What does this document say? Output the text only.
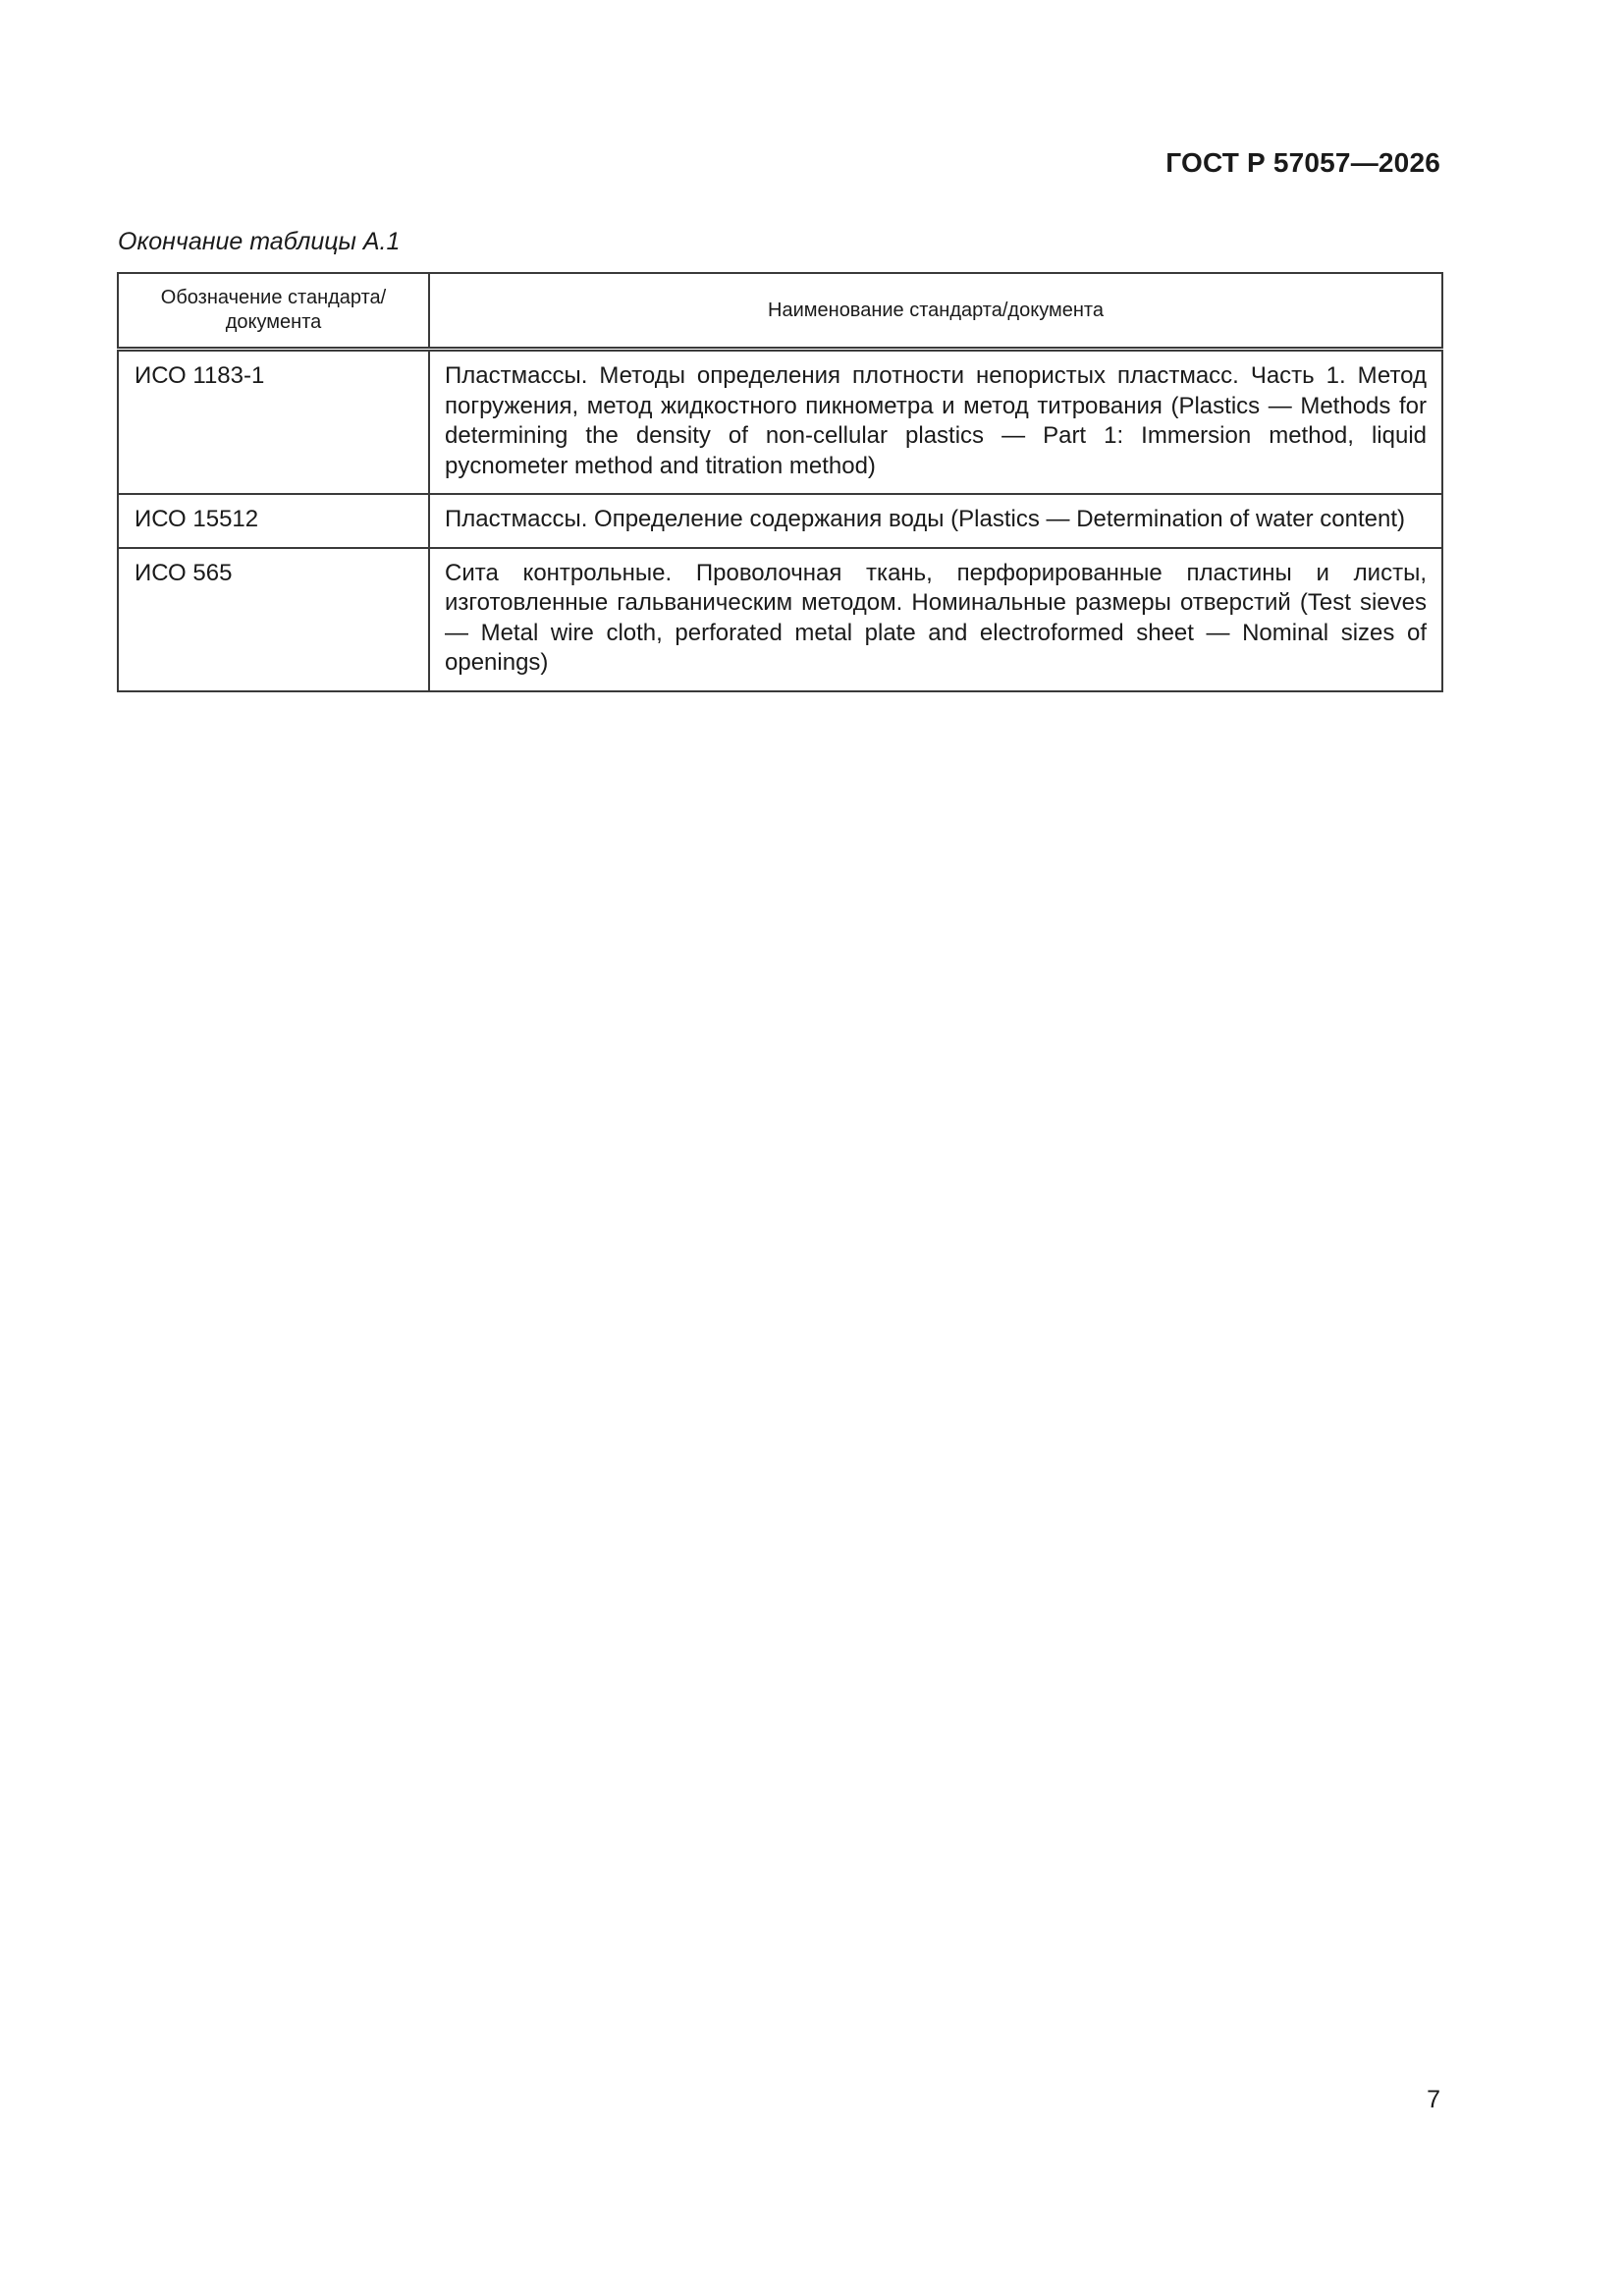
ГОСТ Р 57057—2026
Окончание таблицы А.1
Обозначение стандарта/ документа	Наименование стандарта/документа
ИСО 1183-1	Пластмассы. Методы определения плотности непористых пластмасс. Часть 1. Метод погружения, метод жидкостного пикнометра и метод титрования (Plastics — Methods for determining the density of non-cellular plastics — Part 1: Immersion method, liquid pycnometer method and titration method)
ИСО 15512	Пластмассы. Определение содержания воды (Plastics — Determination of water content)
ИСО 565	Сита контрольные. Проволочная ткань, перфорированные пластины и листы, изготовленные гальваническим методом. Номинальные размеры отверстий (Test sieves — Metal wire cloth, perforated metal plate and electroformed sheet — Nominal sizes of openings)
7
